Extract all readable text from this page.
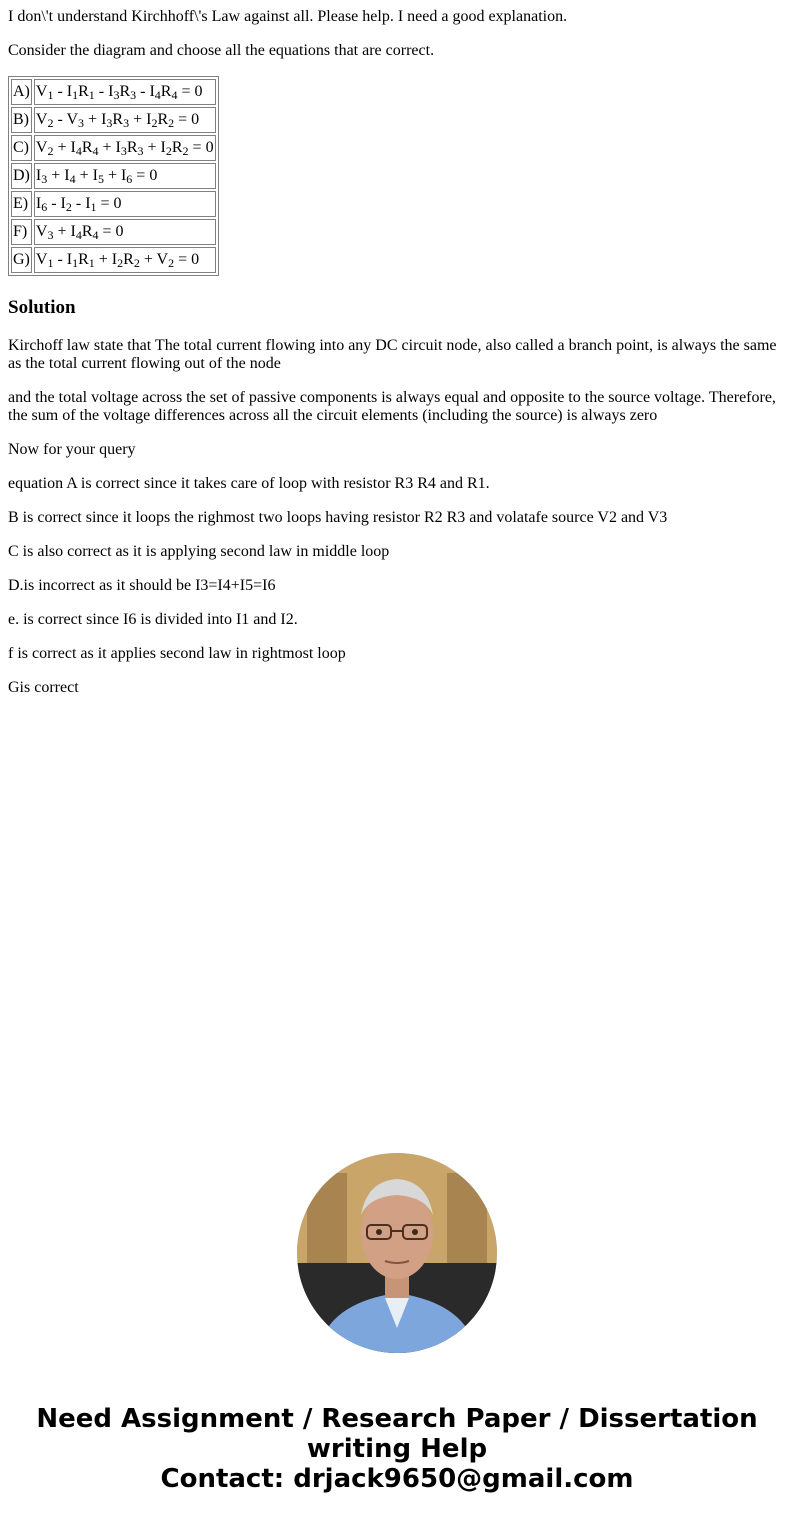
I don\'t understand Kirchhoff\'s Law against all. Please help. I need a good explanation.

Consider the diagram and choose all the equations that are correct.

A)	$V_1 - I_1R_1 - I_3R_3 - I_4R_4 = 0$
B)	$V_2 - V_3 + I_3R_3 + I_2R_2 = 0$
C)	$V_2 + I_4R_4 + I_3R_3 + I_2R_2 = 0$
D)	$I_3 + I_4 + I_5 + I_6 = 0$
E)	$I_6 - I_2 - I_1 = 0$
F)	$V_3 + I_4R_4 = 0$
G)	$V_1 - I_1R_1 + I_2R_2 + V_2 = 0$
Solution

Kirchoff law state that The total current flowing into any DC circuit node, also called a branch point, is always the same as the total current flowing out of the node

and the total voltage across the set of passive components is always equal and opposite to the source voltage. Therefore, the sum of the voltage differences across all the circuit elements (including the source) is always zero

Now for your query

equation A is correct since it takes care of loop with resistor R3 R4 and R1.

B is correct since it loops the righmost two loops having resistor R2 R3 and volatafe source V2 and V3

C is also correct as it is applying second law in middle loop

D.is incorrect as it should be I3=I4+I5=I6

e. is correct since I6 is divided into I1 and I2.

f is correct as it applies second law in rightmost loop

Gis correct

Need Assignment / Research Paper / Dissertation
writing Help
Contact: drjack9650@gmail.com
